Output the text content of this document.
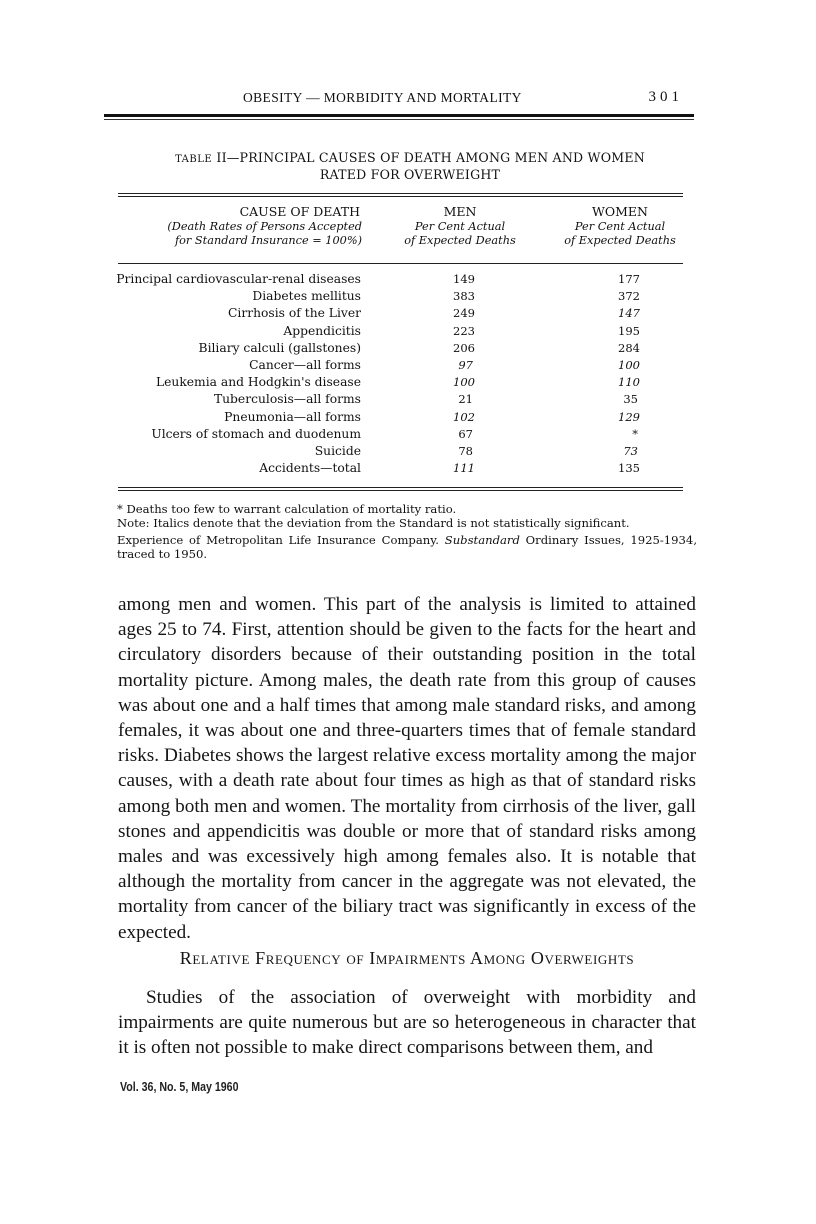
OBESITY — MORBIDITY AND MORTALITY	301
TABLE II—PRINCIPAL CAUSES OF DEATH AMONG MEN AND WOMEN
RATED FOR OVERWEIGHT
CAUSE OF DEATH
(Death Rates of Persons Accepted
for Standard Insurance = 100%)
MEN
Per Cent Actual
of Expected Deaths
WOMEN
Per Cent Actual
of Expected Deaths
Principal cardiovascular-renal diseases	149	177
Diabetes mellitus	383	372
Cirrhosis of the Liver	249	147
Appendicitis	223	195
Biliary calculi (gallstones)	206	284
Cancer—all forms	97	100
Leukemia and Hodgkin's disease	100	110
Tuberculosis—all forms	21	35
Pneumonia—all forms	102	129
Ulcers of stomach and duodenum	67	*
Suicide	78	73
Accidents—total	111	135

* Deaths too few to warrant calculation of mortality ratio.

Note: Italics denote that the deviation from the Standard is not statistically significant.

Experience of Metropolitan Life Insurance Company. Substandard Ordinary Issues, 1925-1934, traced to 1950.

among men and women. This part of the analysis is limited to attained ages 25 to 74. First, attention should be given to the facts for the heart and circulatory disorders because of their outstanding position in the total mortality picture. Among males, the death rate from this group of causes was about one and a half times that among male standard risks, and among females, it was about one and three-quarters times that of female standard risks. Diabetes shows the largest relative excess mortality among the major causes, with a death rate about four times as high as that of standard risks among both men and women. The mortality from cirrhosis of the liver, gall stones and appendicitis was double or more that of standard risks among males and was excessively high among females also. It is notable that although the mortality from cancer in the aggregate was not elevated, the mortality from cancer of the biliary tract was significantly in excess of the expected.

Relative Frequency of Impairments Among Overweights

Studies of the association of overweight with morbidity and impairments are quite numerous but are so heterogeneous in character that it is often not possible to make direct comparisons between them, and

Vol. 36, No. 5, May 1960
